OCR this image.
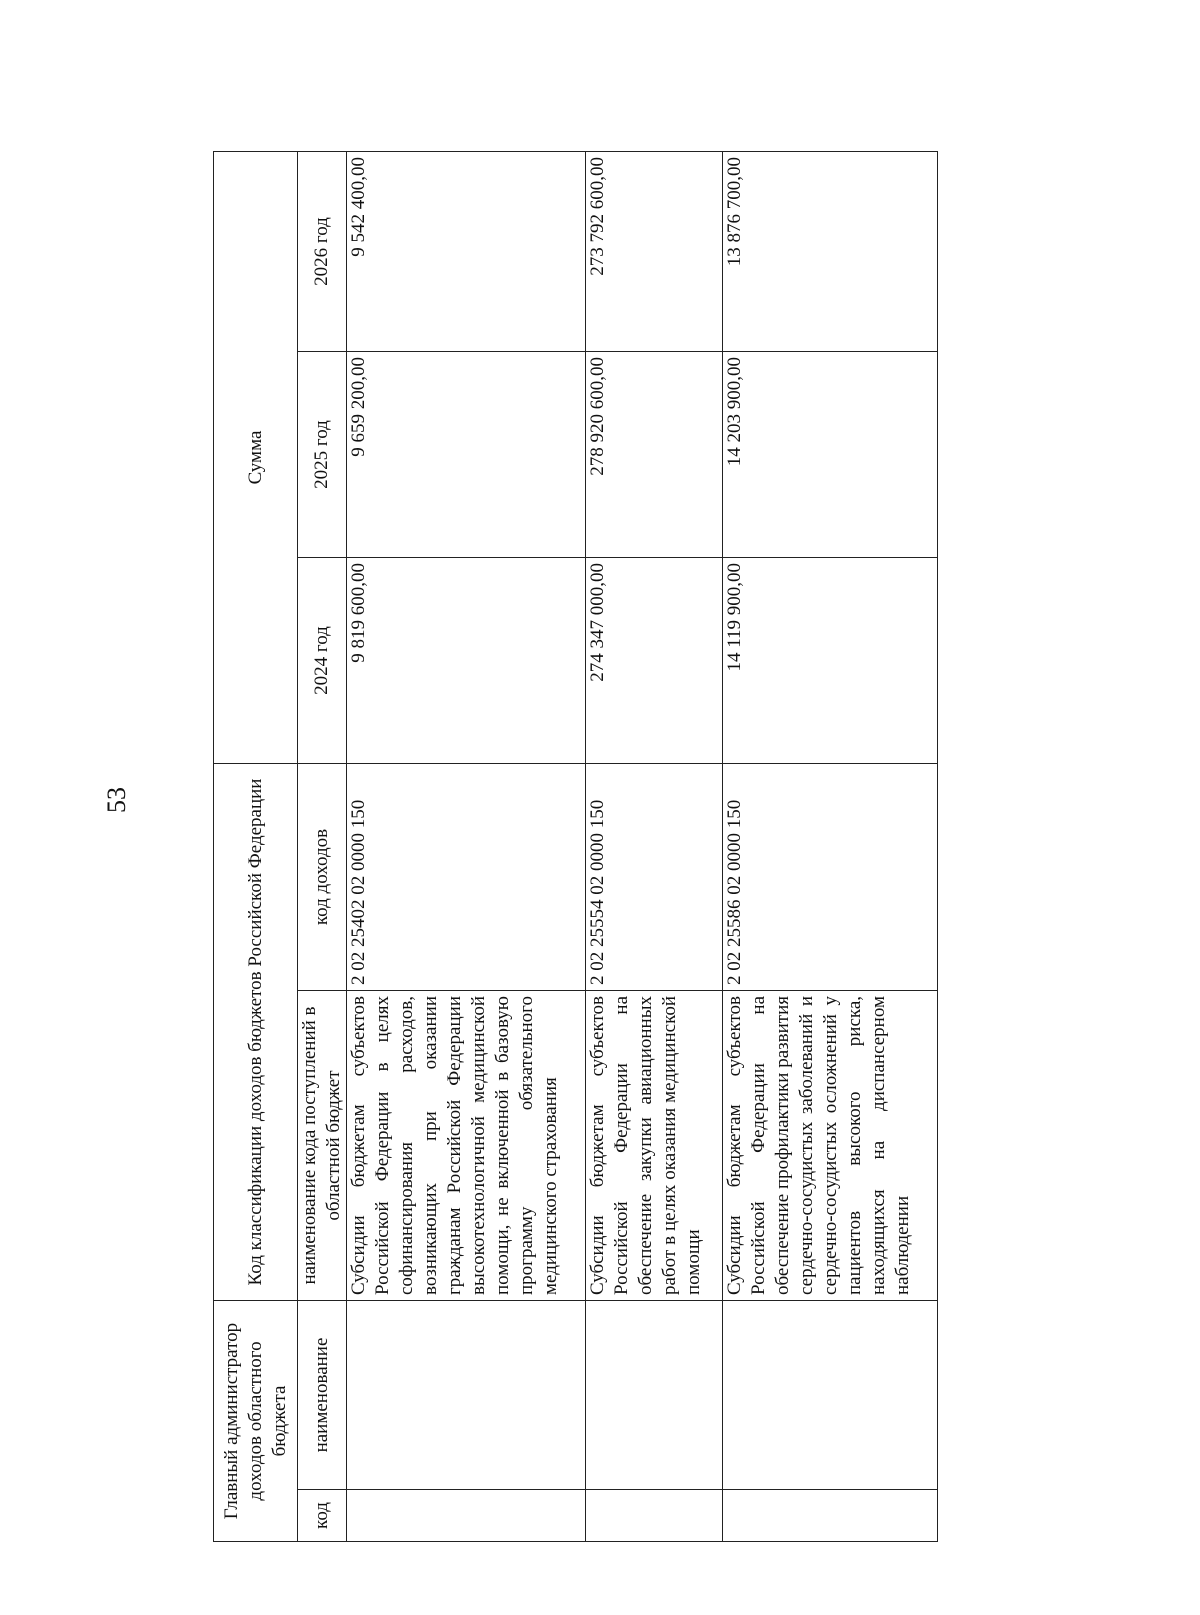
53
Главный администратор доходов областного бюджета		Код классификации доходов бюджетов Российской Федерации		Сумма		
код	наименование	наименование кода поступлений в областной бюджет	код доходов	2024 год	2025 год	2026 год
		Субсидии бюджетам субъектов Российской Федерации в целях софинансирования расходов, возникающих при оказании гражданам Российской Федерации высокотехнологичной медицинской помощи, не включенной в базовую программу обязательного медицинского страхования	2 02 25402 02 0000 150	9 819 600,00	9 659 200,00	9 542 400,00
		Субсидии бюджетам субъектов Российской Федерации на обеспечение закупки авиационных работ в целях оказания медицинской помощи	2 02 25554 02 0000 150	274 347 000,00	278 920 600,00	273 792 600,00
		Субсидии бюджетам субъектов Российской Федерации на обеспечение профилактики развития сердечно-сосудистых заболеваний и сердечно-сосудистых осложнений у пациентов высокого риска, находящихся на диспансерном наблюдении	2 02 25586 02 0000 150	14 119 900,00	14 203 900,00	13 876 700,00
